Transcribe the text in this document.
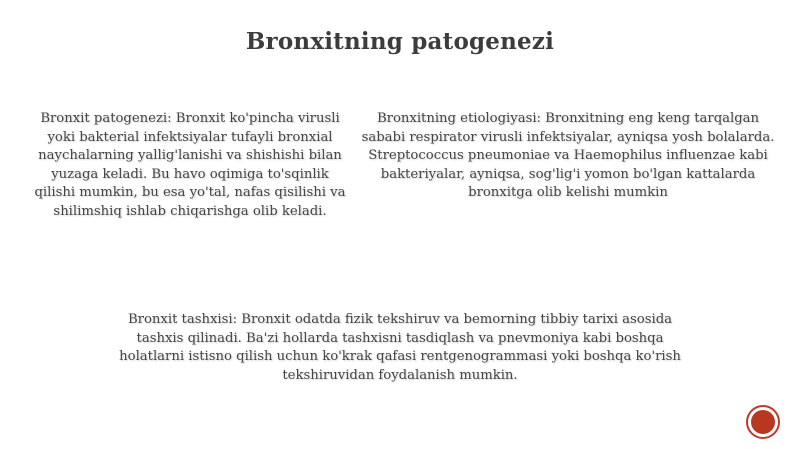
Bronxitning patogenezi
Bronxit patogenezi: Bronxit ko'pincha virusli yoki bakterial infektsiyalar tufayli bronxial naychalarning yallig'lanishi va shishishi bilan yuzaga keladi. Bu havo oqimiga to'sqinlik qilishi mumkin, bu esa yo'tal, nafas qisilishi va shilimshiq ishlab chiqarishga olib keladi.
Bronxitning etiologiyasi: Bronxitning eng keng tarqalgan sababi respirator virusli infektsiyalar, ayniqsa yosh bolalarda. Streptococcus pneumoniae va Haemophilus influenzae kabi bakteriyalar, ayniqsa, sog'lig'i yomon bo'lgan kattalarda bronxitga olib kelishi mumkin
Bronxit tashxisi: Bronxit odatda fizik tekshiruv va bemorning tibbiy tarixi asosida tashxis qilinadi. Ba'zi hollarda tashxisni tasdiqlash va pnevmoniya kabi boshqa holatlarni istisno qilish uchun ko'krak qafasi rentgenogrammasi yoki boshqa ko'rish tekshiruvidan foydalanish mumkin.
